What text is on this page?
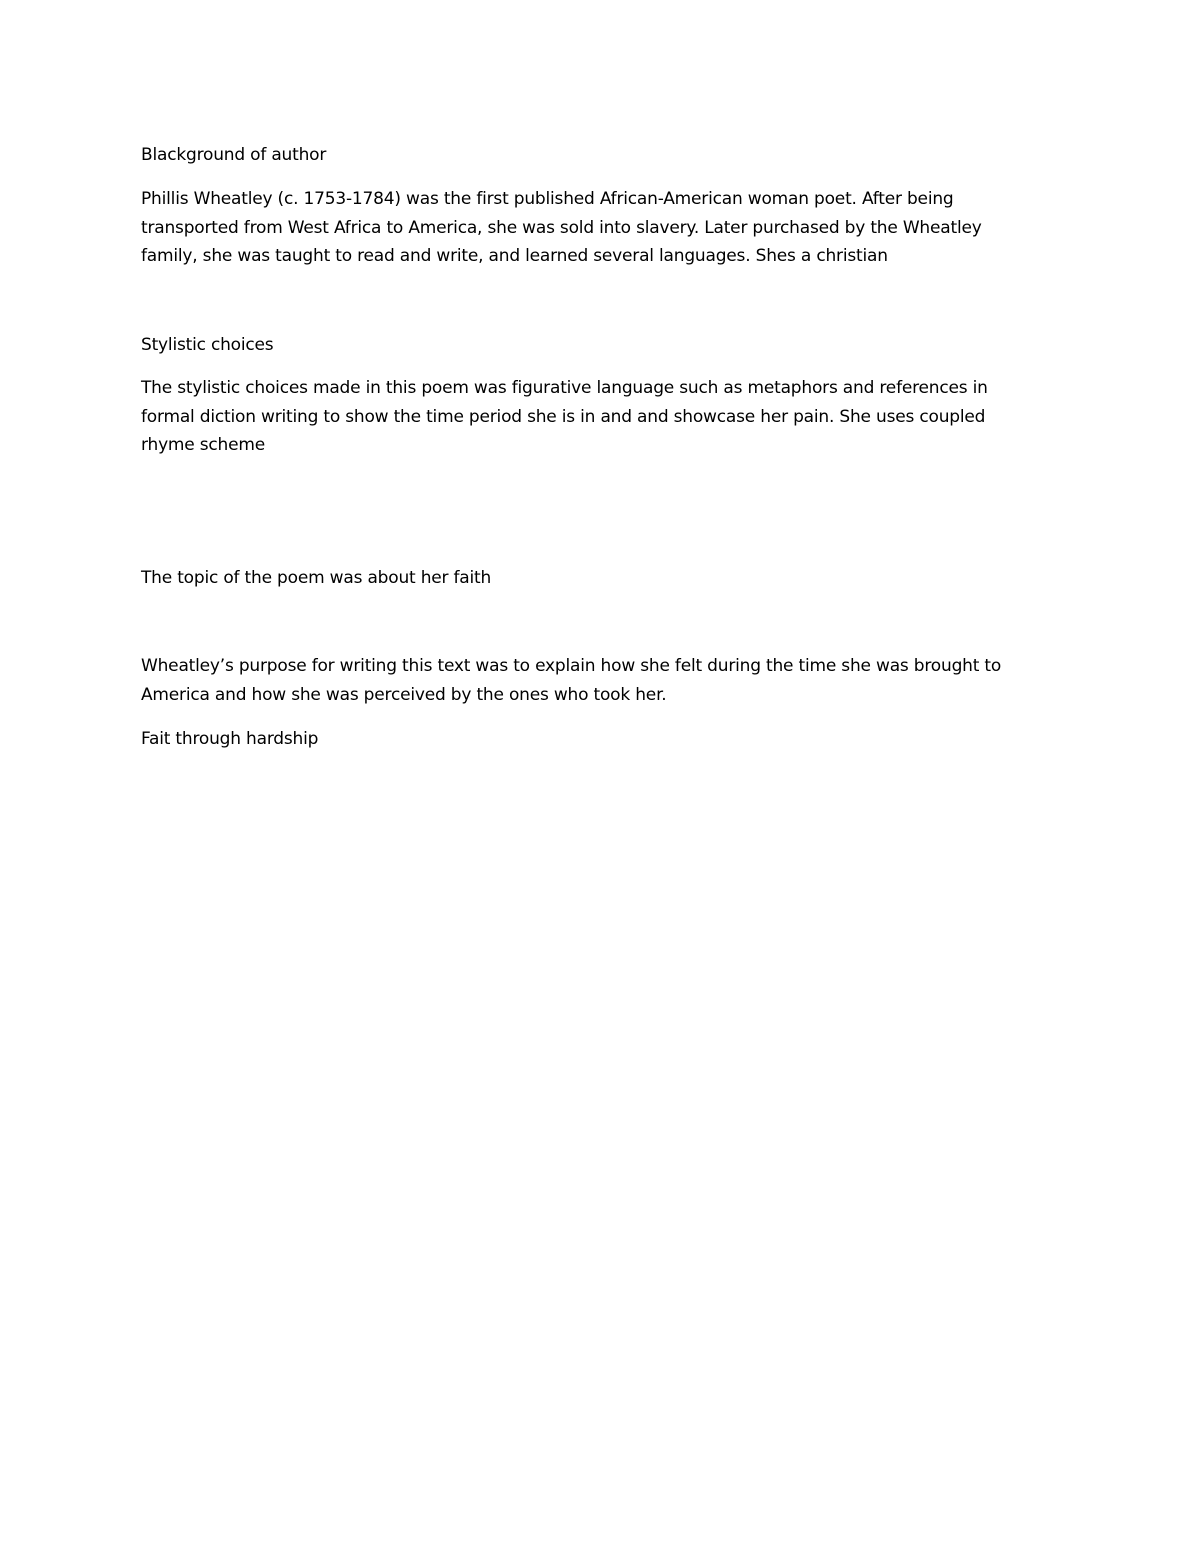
Blackground of author

Phillis Wheatley (c. 1753-1784) was the first published African-American woman poet. After being
transported from West Africa to America, she was sold into slavery. Later purchased by the Wheatley
family, she was taught to read and write, and learned several languages. Shes a christian

Stylistic choices

The stylistic choices made in this poem was figurative language such as metaphors and references in
formal diction writing to show the time period she is in and and showcase her pain. She uses coupled
rhyme scheme

The topic of the poem was about her faith

Wheatley’s purpose for writing this text was to explain how she felt during the time she was brought to
America and how she was perceived by the ones who took her.

Fait through hardship
